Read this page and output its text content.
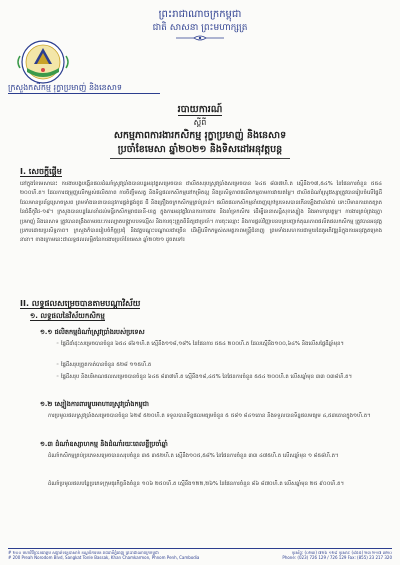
ព្រះរាជាណាចក្រកម្ពុជា
ជាតិ សាសនា ព្រះមហាក្សត្រ
ក្រសួងកសិកម្ម រុក្ខាប្រមាញ់ និងនេសាទ
របាយការណ៍
ស្តីពី
សកម្មភាពការងារកសិកម្ម រុក្ខាប្រមាញ់ និងនេសាទ
ប្រចាំខែមេសា ឆ្នាំ២០២១ និងទិសដៅអនុវត្តបន្ត
I. សេចក្តីផ្តើម
នៅក្នុងខែមេសានេះ ការងារបង្កបង្កើនផលដំណាំស្រូវប្រាំងបានបន្តអនុវត្តសម្រេចបាន ជាលិតសរុបស្រូវប្រាំងសម្រេចបាន ៦៤៥ ៨៣៧ហិ.ត ស្មើនឹង១៧,៥៤% នៃផែនការចំនួន ៥៥៤ ២០០ហិ.ត។ ដែលការជម្រុញលើកម្ពស់ផលិតភាព ការចិញ្ចឹមសត្វ និងទិន្នផលកសិកម្មនៅកម្រិតល្អ និងប្រសិទ្ធភាពផលិតកម្មតាមការវាយតម្លៃ។ ជាលិតដំណាំស្រូវវស្សាត្រូវបានរៀបចំលើផ្ទៃដីដែលមានប្រព័ន្ធស្រោចស្រព ព្រមទាំងធានាបាននូវការផ្គត់ផ្គង់ពូជ ជី និងគ្រឿងចក្រកសិកម្មគ្រប់គ្រាន់។ ផលិតផលកសិកម្មនាំចេញក្រៅប្រទេសបានកើនឡើងជាលំដាប់ ទោះបីមានការរាតត្បាតនៃជំងឺកូវីដ-១៩។ ក្រសួងបានបន្តណែនាំដល់មន្ទីរកសិកម្មរាជធានី-ខេត្ត ក្នុងការអនុវត្តវិធានការការពារ និងគាំទ្រកសិករ ដើម្បីធានាសន្តិសុខស្បៀង និងអាហារូបត្ថម្ភ។ ការងារគ្រប់គ្រងរុក្ខាប្រមាញ់ និងនេសាទ ត្រូវបានពង្រឹងតាមរយៈការល្បាតបង្ក្រាបបទល្មើស និងការចុះត្រួតពិនិត្យជាប្រចាំ។ ការចុះឈ្មោះ និងការផ្តល់វិញ្ញាបនបត្របញ្ជាក់គុណភាពផលិតផលកសិកម្ម ត្រូវបានអនុវត្តប្រកបដោយប្រសិទ្ធភាព។ ក្រសួងក៏បានរៀបចំកិច្ចប្រជុំ និងវគ្គបណ្តុះបណ្តាលជាច្រើន ដើម្បីលើកកម្ពស់សមត្ថភាពមន្ត្រីជំនាញ ព្រមទាំងសហការជាមួយដៃគូអភិវឌ្ឍន៍ក្នុងការអនុវត្តគម្រោងនានា។ ខាងក្រោមនេះជាលទ្ធផលលម្អិតនៃការងារប្រចាំខែមេសា ឆ្នាំ២០២១ ដូចតទៅ៖
II. លទ្ធផលសម្រេចបានតាមបណ្តាវិស័យ
១. លទ្ធផលនៃវិស័យកសិកម្ម
១.១ ផលិតកម្មដំណាំស្រូវប្រាំងរបស់ប្រទេស
◦ ផ្ទៃដីដាំដុះសម្រេចបានចំនួន ៦៥៤ ៨៦១ហិ.ត ស្មើនឹង១១៨,១៨% នៃផែនការ ៥៥៤ ២០០ហិ.ត ដែលស្មើនឹង១០០,៦៤% និងលើសផ្ទៃដីឆ្នាំមុន។
◦ ផ្ទៃដីសរុបច្រូតកាត់បានចំនួន ៥២៨ ១១៥ហិ.ត
◦ ផ្ទៃដីសរុប និងបរិមាណផលសម្រេចបានចំនួន ៦៤៥ ៨៣៧ហិ.ត ស្មើនឹង១៨,៤៥% នៃផែនការចំនួន ៥៥៤ ២០០ហិ.ត លើសឆ្នាំមុន ៣៣ ០៣៨ហិ.ត។
១.២ ស្បៀងការពារម្ហូបអាហារស្រូវប្រាំងកម្ពុជា
ការប្រមូលផលស្រូវប្រាំងសម្រេចបានចំនួន ៦២៩ ៥២០ហិ.ត ទទួលបានទិន្នផលមធ្យមចំនួន ៥ ៥៨១ ៨៤១តោន និងទទួលបានទិន្នផលមធ្យម ៤,៥៣តោនក្នុង១ហិ.ត។
១.៣ ដំណាំឧស្សាហកម្ម និងដំណាំរយៈពេលខ្លីប្រចាំឆ្នាំ
ដំណាំកសិកម្មគ្រប់ប្រភេទសម្រេចបានសរុបចំនួន ៣៥ ៣៥២ហិ.ត ស្មើនឹង១០៥,៥៨% នៃផែនការចំនួន ៣៣ ៤៧៥ហិ.ត លើសឆ្នាំមុន ១ ៨៥៨ហិ.ត។
ដំណាំប្រមូលផលបន្លែប្រភេទក្រុមធុរកិច្ចនិងចំនួន ១០៦ ២៥០ហិ.ត ស្មើនឹង១២២,២៦% នៃផែនការចំនួន ៨៦ ៨៧០ហិ.ត លើសឆ្នាំមុន ២៥ ៩០០ហិ.ត។
# ២០០ មហាវិថីព្រះនរោត្តម សង្កាត់ទន្លេបាសាក់ ខណ្ឌចំការមន រាជធានីភ្នំពេញ ព្រះរាជាណាចក្រកម្ពុជា
# 200 Preah Norodom Blvd, Sangkat Tonle Bassak, Khan Chamkarmon, Phnom Penh, Cambodia
ទូរស័ព្ទ: (០២៣) ៧២៦ ១២៩ ទូរសារ: (៨៥៥) ២៣ ២១៧ ៣២០
Phone: (023) 726 129 / 726 129 Fax: (855) 23 217 320
